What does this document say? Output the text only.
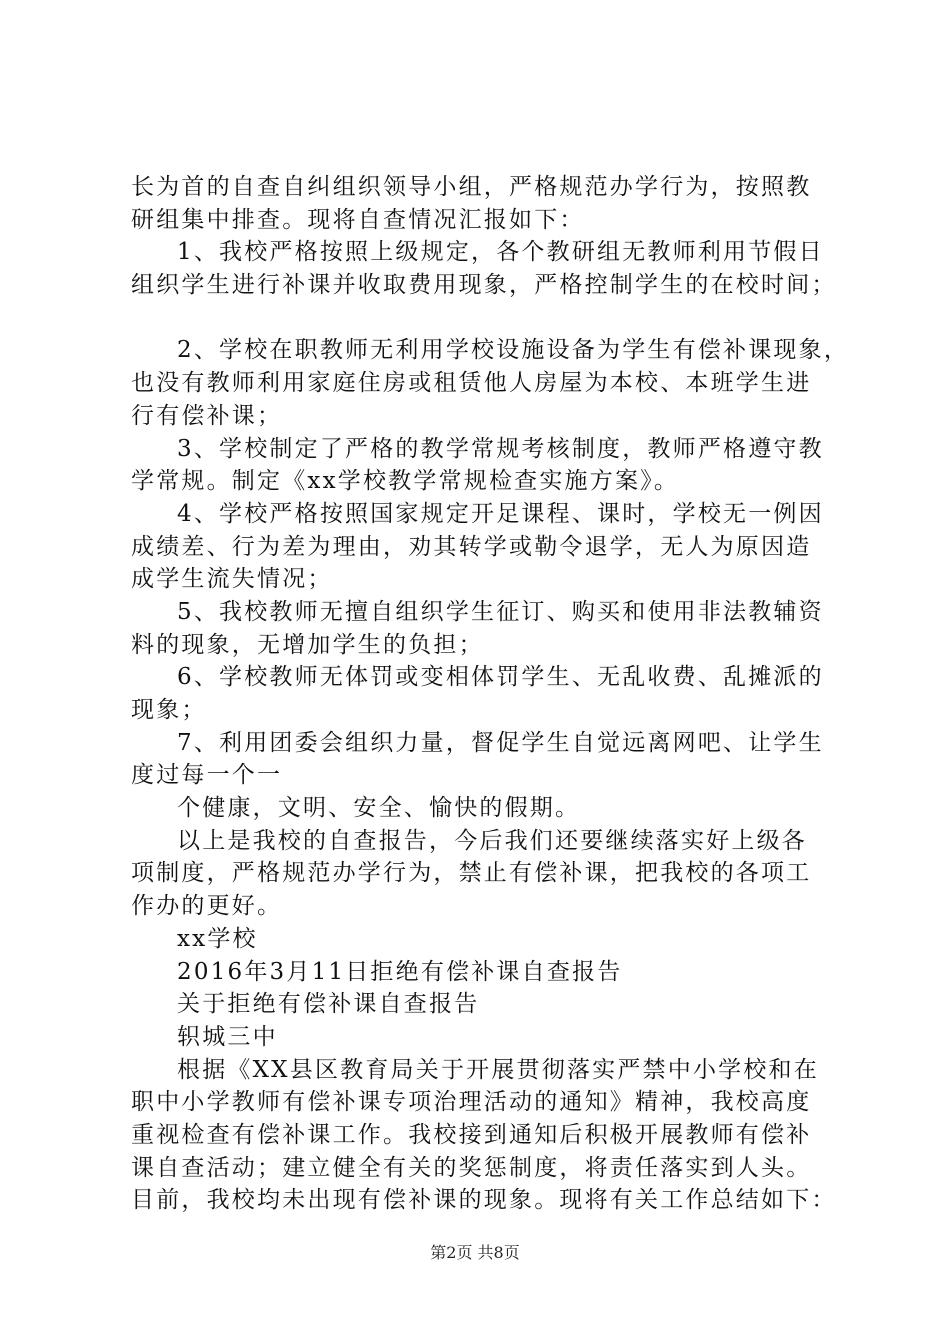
长为首的自查自纠组织领导小组，严格规范办学行为，按照教
研组集中排查。现将自查情况汇报如下：
1、我校严格按照上级规定，各个教研组无教师利用节假日
组织学生进行补课并收取费用现象，严格控制学生的在校时间；
2、学校在职教师无利用学校设施设备为学生有偿补课现象，
也没有教师利用家庭住房或租赁他人房屋为本校、本班学生进
行有偿补课；
3、学校制定了严格的教学常规考核制度，教师严格遵守教
学常规。制定《xx学校教学常规检查实施方案》。
4、学校严格按照国家规定开足课程、课时，学校无一例因
成绩差、行为差为理由，劝其转学或勒令退学，无人为原因造
成学生流失情况；
5、我校教师无擅自组织学生征订、购买和使用非法教辅资
料的现象，无增加学生的负担；
6、学校教师无体罚或变相体罚学生、无乱收费、乱摊派的
现象；
7、利用团委会组织力量，督促学生自觉远离网吧、让学生
度过每一个一
个健康，文明、安全、愉快的假期。
以上是我校的自查报告，今后我们还要继续落实好上级各
项制度，严格规范办学行为，禁止有偿补课，把我校的各项工
作办的更好。
xx学校
2016年3月11日拒绝有偿补课自查报告
关于拒绝有偿补课自查报告
轵城三中
根据《XX县区教育局关于开展贯彻落实严禁中小学校和在
职中小学教师有偿补课专项治理活动的通知》精神，我校高度
重视检查有偿补课工作。我校接到通知后积极开展教师有偿补
课自查活动；建立健全有关的奖惩制度，将责任落实到人头。
目前，我校均未出现有偿补课的现象。现将有关工作总结如下：
第2页 共8页
